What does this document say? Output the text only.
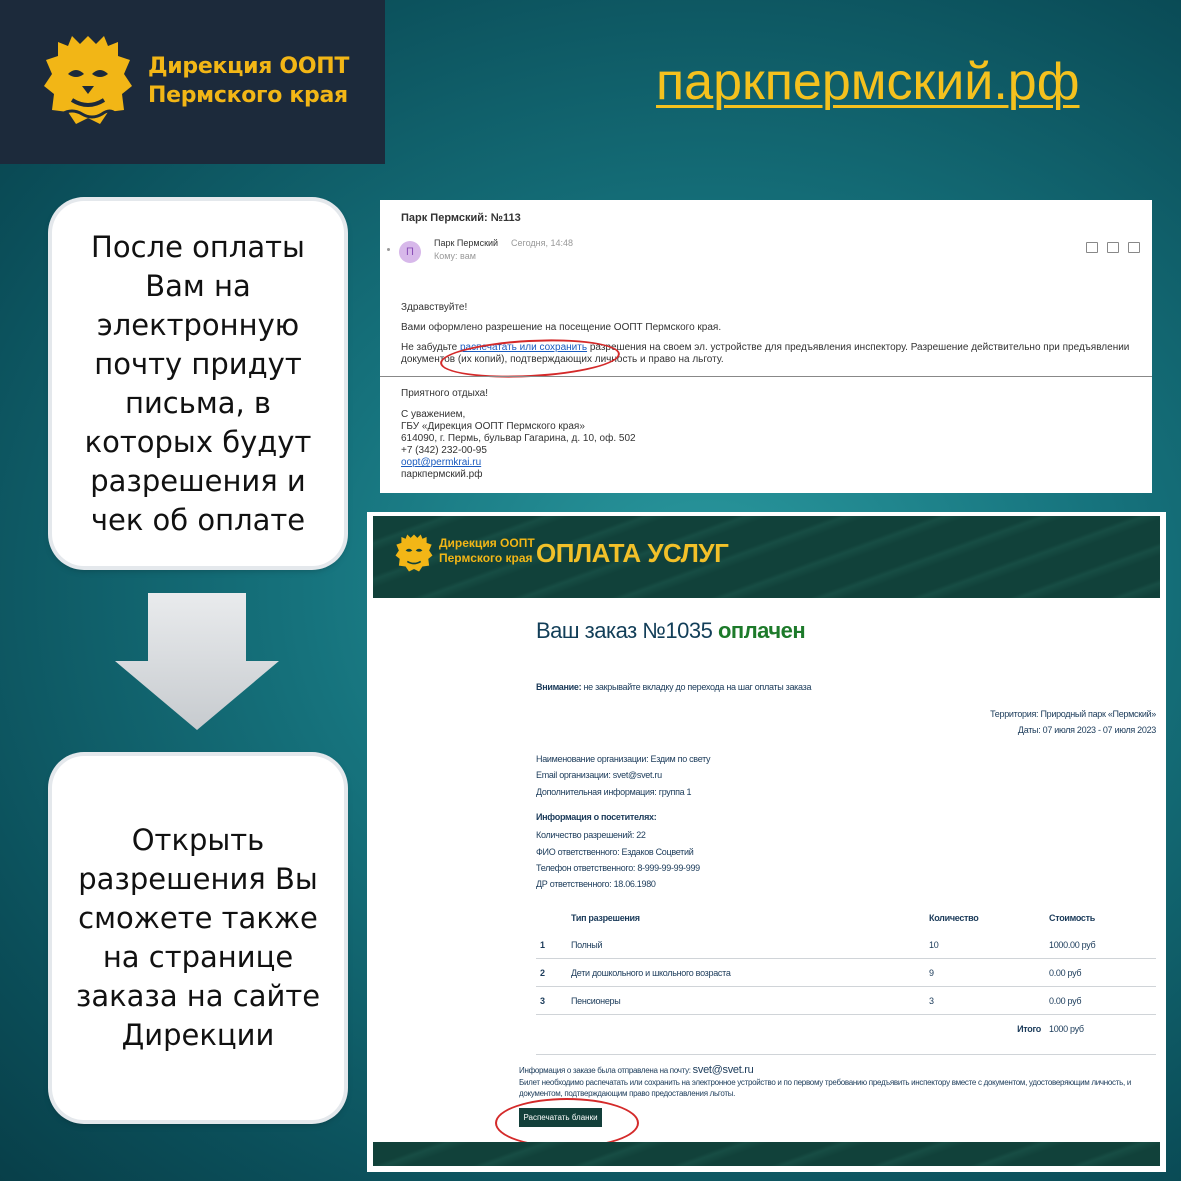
Дирекция ООПТ
Пермского края	паркпермский.рф
После оплаты Вам на электронную почту придут письма, в которых будут разрешения и чек об оплате
Открыть разрешения Вы сможете также на странице заказа на сайте Дирекции
Парк Пермский: №113
П
Парк Пермский Сегодня, 14:48
Кому: вам

Здравствуйте!

Вами оформлено разрешение на посещение ООПТ Пермского края.

Не забудьте распечатать или сохранить разрешения на своем эл. устройстве для предъявления инспектору. Разрешение действительно при предъявлении документов (их копий), подтверждающих личность и право на льготу.

Приятного отдыха!
С уважением,
ГБУ «Дирекция ООПТ Пермского края»
614090, г. Пермь, бульвар Гагарина, д. 10, оф. 502
+7 (342) 232-00-95
oopt@permkrai.ru
паркпермский.рф
Дирекция ООПТ
Пермского края ОПЛАТА УСЛУГ
Ваш заказ №1035 оплачен
Внимание: не закрывайте вкладку до перехода на шаг оплаты заказа
Территория: Природный парк «Пермский»
Даты: 07 июля 2023 - 07 июля 2023
Наименование организации: Ездим по свету
Email организации: svet@svet.ru
Дополнительная информация: группа 1
Информация о посетителях:
Количество разрешений: 22
ФИО ответственного: Ездаков Соцветий
Телефон ответственного: 8-999-99-99-999
ДР ответственного: 18.06.1980
	Тип разрешения	Количество	Стоимость
1	Полный	10	1000.00 руб
2	Дети дошкольного и школьного возраста	9	0.00 руб
3	Пенсионеры	3	0.00 руб
		Итого	1000 руб
Информация о заказе была отправлена на почту: svet@svet.ru
Билет необходимо распечатать или сохранить на электронное устройство и по первому требованию предъявить инспектору вместе с документом, удостоверяющим личность, и документом, подтверждающим право предоставления льготы.
Распечатать бланки
